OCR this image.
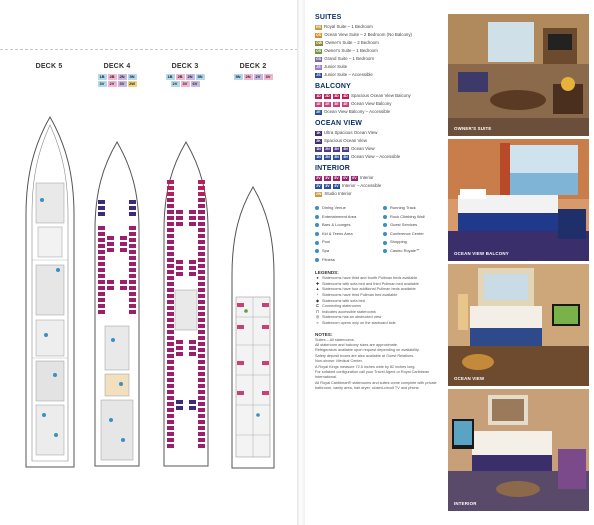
DECK 5	DECK 4
1B	2B	2N	5N
3V	2V	3V	2W
DECK 3
1B	2B	2N	5N
2V	3V	6V
DECK 2
5N	2N	2V	3V
SUITES
RS Royal Suite – 1 Bedroom
OS Ocean View Suite – 2 Bedroom (No Balcony)
OW Owner's Suite – 2 Bedroom
OS Owner's Suite – 1 Bedroom
GS Grand Suite – 1 Bedroom
JS Junior Suite
JS Junior Suite – Accessible
BALCONY
1D	2D	3D	4D Spacious Ocean View Balcony
1E	2E	3E	4E Ocean View Balcony
2E Ocean View Balcony – Accessible
OCEAN VIEW
1K Ultra Spacious Ocean View
2K Spacious Ocean View
1N	2N	3N	4N Ocean View
1N	2N	3N	4N Ocean View – Accessible
INTERIOR
2V	3V	5V	6V	6V Interior
2V	3V	4V Interior – Accessible
2W Studio Interior
Dining Venue	Running Track
Entertainment Area	Rock Climbing Wall
Bars & Lounges	Guest Services
Kid & Teens Area	Conference Center
Pool	Shopping
Spa	Casino Royale℠
Fitness
LEGENDS:
● Staterooms have third and fourth Pullman beds available
✚ Staterooms with sofa bed and third Pullman bed available
▲ Staterooms have four additional Pullman beds available
* Staterooms have third Pullman bed available
◆ Staterooms with sofa bed
⊏ Connecting staterooms
⊓ Indicates accessible staterooms
◎ Staterooms has an obstructed view
» Stateroom opens only on the starboard side
NOTES:
Suites – All staterooms.
All stateroom and balcony sizes are approximate.
Refrigerators available upon request depending on availability.
Safety deposit boxes are also available at Guest Relations.
Non-shown: Medical Center.
A Royal Kings measure 72.5 inches wide by 82 inches long.
For sofabed configuration call your Travel Agent or Royal Caribbean International.
All Royal Caribbean® staterooms and suites come complete with private bathroom, vanity area, hair dryer, closed-circuit TV and phone.
OWNER'S SUITE
OCEAN VIEW BALCONY
OCEAN VIEW
INTERIOR
